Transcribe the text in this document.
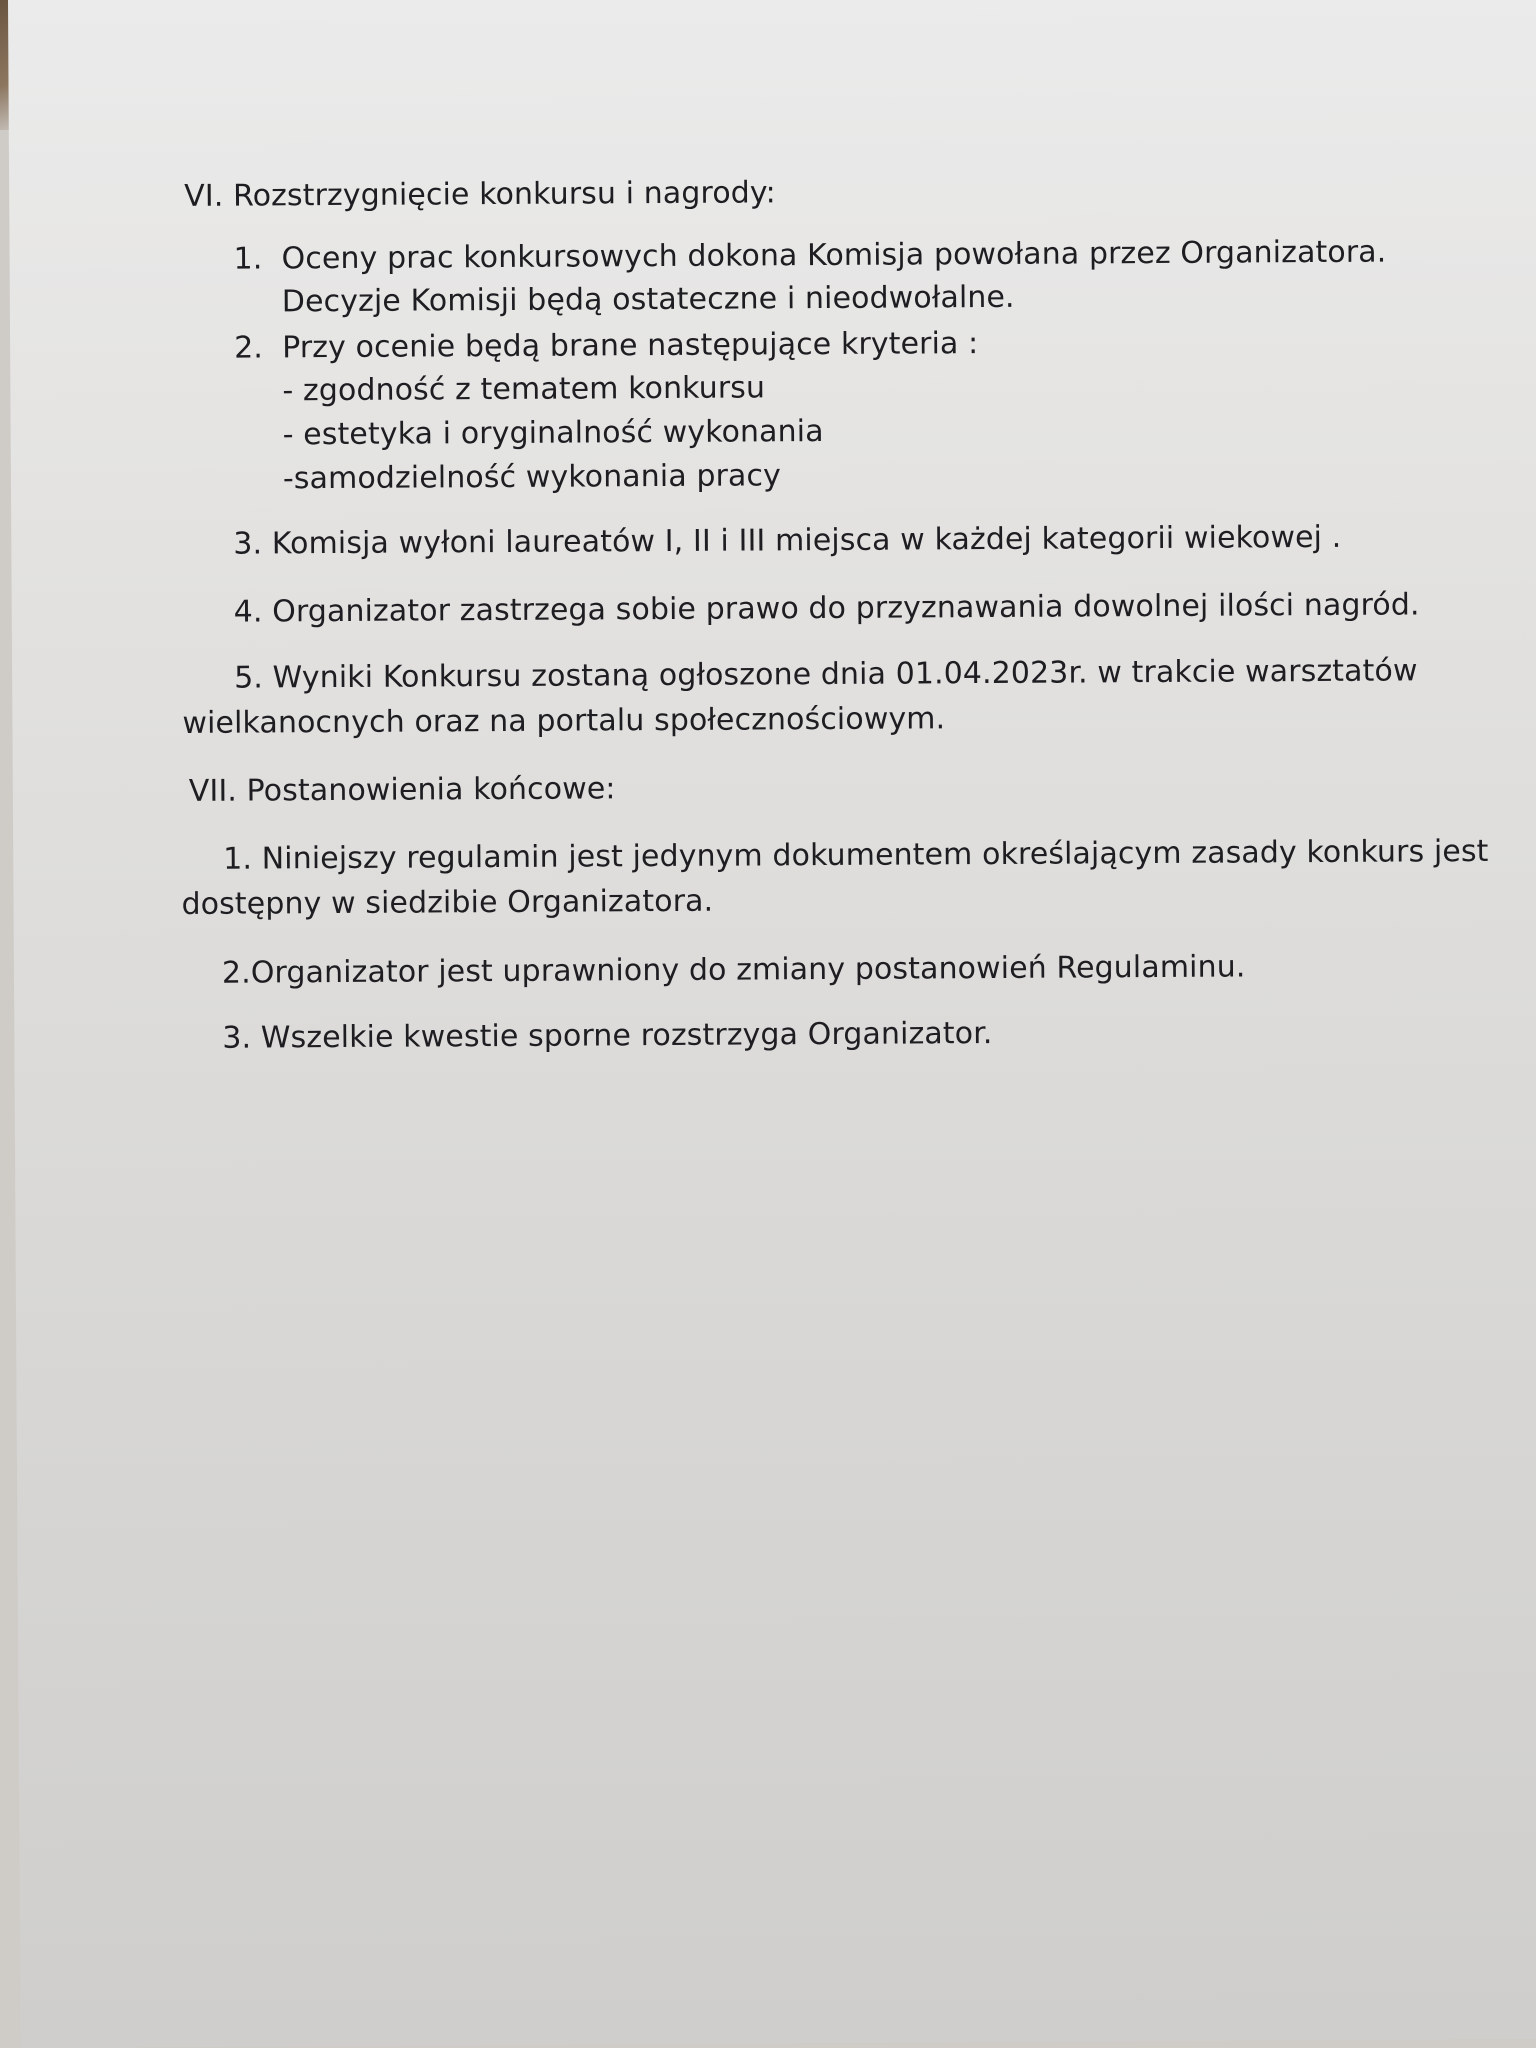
VI. Rozstrzygnięcie konkursu i nagrody:
1. Oceny prac konkursowych dokona Komisja powołana przez Organizatora.
Decyzje Komisji będą ostateczne i nieodwołalne.
2. Przy ocenie będą brane następujące kryteria :
- zgodność z tematem konkursu
- estetyka i oryginalność wykonania
-samodzielność wykonania pracy
3. Komisja wyłoni laureatów I, II i III miejsca w każdej kategorii wiekowej .
4. Organizator zastrzega sobie prawo do przyznawania dowolnej ilości nagród.
5. Wyniki Konkursu zostaną ogłoszone dnia 01.04.2023r. w trakcie warsztatów
wielkanocnych oraz na portalu społecznościowym.
VII. Postanowienia końcowe:
1. Niniejszy regulamin jest jedynym dokumentem określającym zasady konkurs jest
dostępny w siedzibie Organizatora.
2.Organizator jest uprawniony do zmiany postanowień Regulaminu.
3. Wszelkie kwestie sporne rozstrzyga Organizator.
